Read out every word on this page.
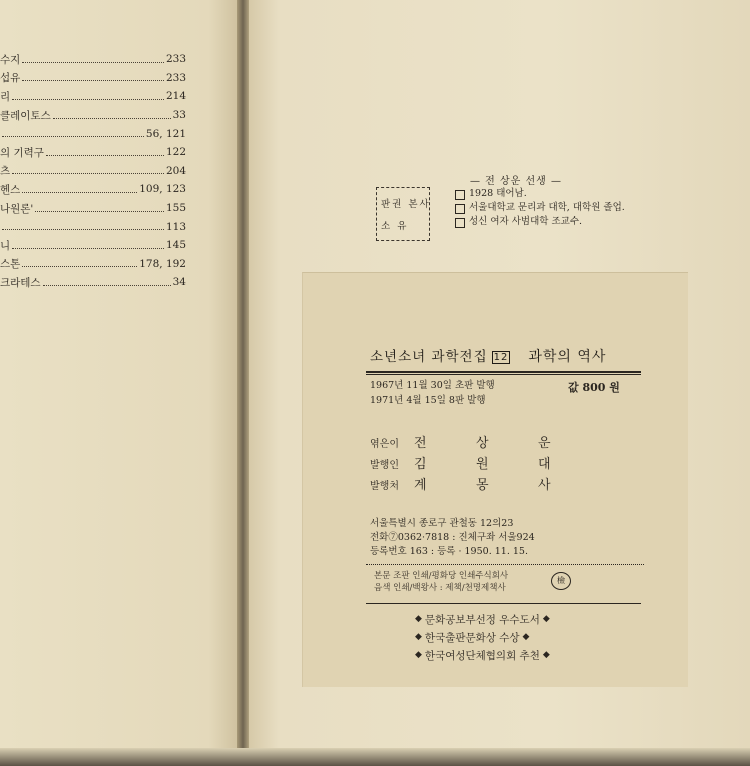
수지	233
섭유	233
리	214
클레이토스	33
56, 121
의 기력구	122
츠	204
헨스	109, 123
나원론'	155
113
니	145
스톤	178, 192
크라테스	34
— 전 상운 선생 —
판권 본사
소 유
1928 태어남.
서울대학교 문리과 대학, 대학원 졸업.
성신 여자 사범대학 조교수.
소년소녀 과학전집 12 과학의 역사
1967년 11월 30일 초판 발행
1971년 4월 15일 8판 발행
값 800 원
엮은이	전	상	운
발행인	김	원	대
발행처	계	몽	사
서울특별시 종로구 관철동 12의23
전화⑦0362·7818 : 진체구좌 서울924
등록번호 163 : 등록 · 1950. 11. 15.
본문 조판 인쇄/평화당 인쇄주식회사
음색 인쇄/백왕사 : 제책/천명제책사
檢
◆ 문화공보부선정 우수도서 ◆
◆ 한국출판문화상 수상 ◆
◆ 한국여성단체협의회 추천 ◆
